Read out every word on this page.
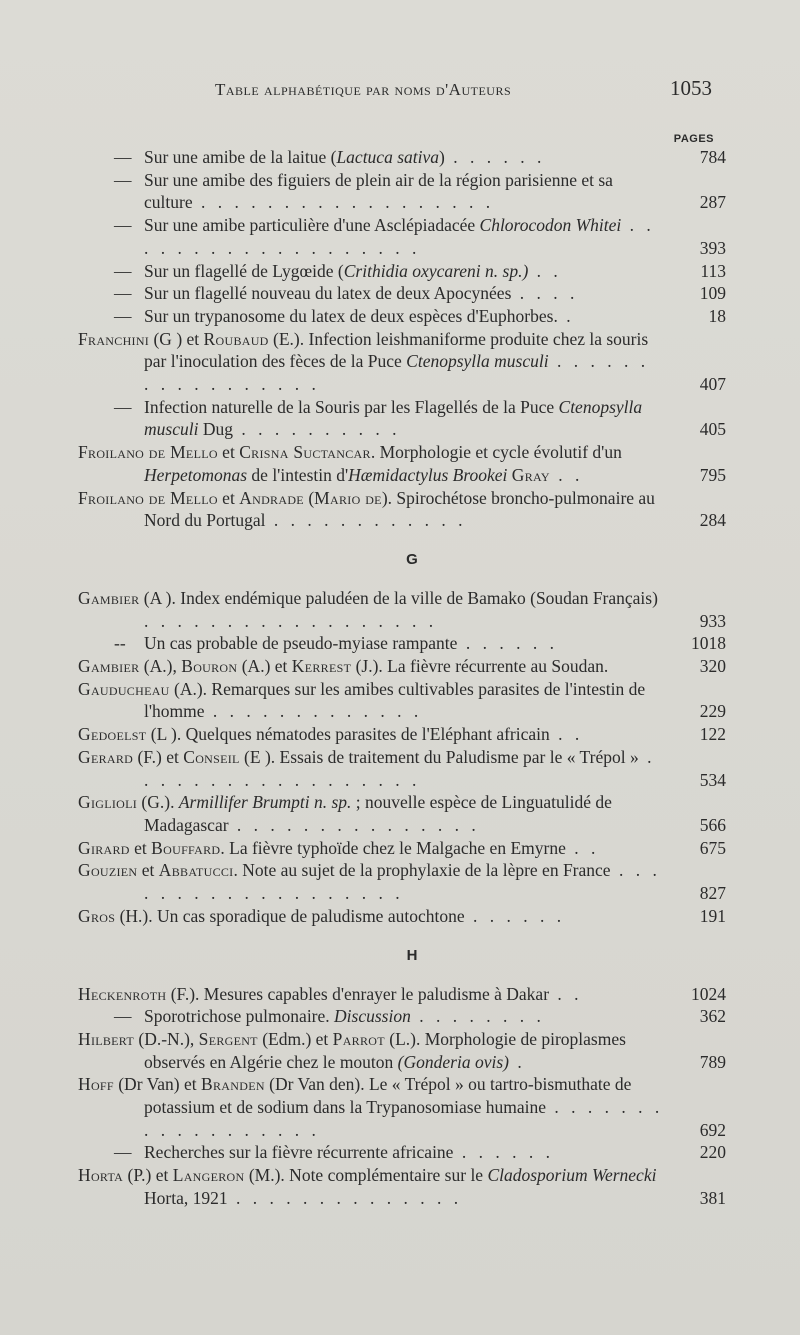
Table alphabétique par noms d'Auteurs	1053
PAGES
— Sur une amibe de la laitue (Lactuca sativa) . . . . . .	784
— Sur une amibe des figuiers de plein air de la région parisienne et sa culture . . . . . . . . . . . . . . . . . .	287
— Sur une amibe particulière d'une Asclépiadacée Chlorocodon Whitei . . . . . . . . . . . . . . . . . . .	393
— Sur un flagellé de Lygœide (Crithidia oxycareni n. sp.) . .	113
— Sur un flagellé nouveau du latex de deux Apocynées . . . .	109
— Sur un trypanosome du latex de deux espèces d'Euphorbes. .	18
Franchini (G ) et Roubaud (E.). Infection leishmaniforme produite chez la souris par l'inoculation des fèces de la Puce Ctenopsylla musculi . . . . . . . . . . . . . . . . .	407
— Infection naturelle de la Souris par les Flagellés de la Puce Ctenopsylla musculi Dug . . . . . . . . . .	405
Froilano de Mello et Crisna Suctancar. Morphologie et cycle évolutif d'un Herpetomonas de l'intestin d'Hæmidactylus Brookei Gray . .	795
Froilano de Mello et Andrade (Mario de). Spirochétose broncho-pulmonaire au Nord du Portugal . . . . . . . . . . . .	284
G
Gambier (A ). Index endémique paludéen de la ville de Bamako (Soudan Français) . . . . . . . . . . . . . . . . . .	933
-- Un cas probable de pseudo-myiase rampante . . . . . .	1018
Gambier (A.), Bouron (A.) et Kerrest (J.). La fièvre récurrente au Soudan.	320
Gauducheau (A.). Remarques sur les amibes cultivables parasites de l'intestin de l'homme . . . . . . . . . . . . .	229
Gedoelst (L ). Quelques nématodes parasites de l'Eléphant africain . .	122
Gerard (F.) et Conseil (E ). Essais de traitement du Paludisme par le « Trépol » . . . . . . . . . . . . . . . . . .	534
Giglioli (G.). Armillifer Brumpti n. sp. ; nouvelle espèce de Linguatulidé de Madagascar . . . . . . . . . . . . . . .	566
Girard et Bouffard. La fièvre typhoïde chez le Malgache en Emyrne . .	675
Gouzien et Abbatucci. Note au sujet de la prophylaxie de la lèpre en France . . . . . . . . . . . . . . . . . . .	827
Gros (H.). Un cas sporadique de paludisme autochtone . . . . . .	191
H
Heckenroth (F.). Mesures capables d'enrayer le paludisme à Dakar . .	1024
— Sporotrichose pulmonaire. Discussion . . . . . . . .	362
Hilbert (D.-N.), Sergent (Edm.) et Parrot (L.). Morphologie de piroplasmes observés en Algérie chez le mouton (Gonderia ovis) .	789
Hoff (Dr Van) et Branden (Dr Van den). Le « Trépol » ou tartro-bismuthate de potassium et de sodium dans la Trypanosomiase humaine . . . . . . . . . . . . . . . . . .	692
— Recherches sur la fièvre récurrente africaine . . . . . .	220
Horta (P.) et Langeron (M.). Note complémentaire sur le Cladosporium Wernecki Horta, 1921 . . . . . . . . . . . . . .	381
